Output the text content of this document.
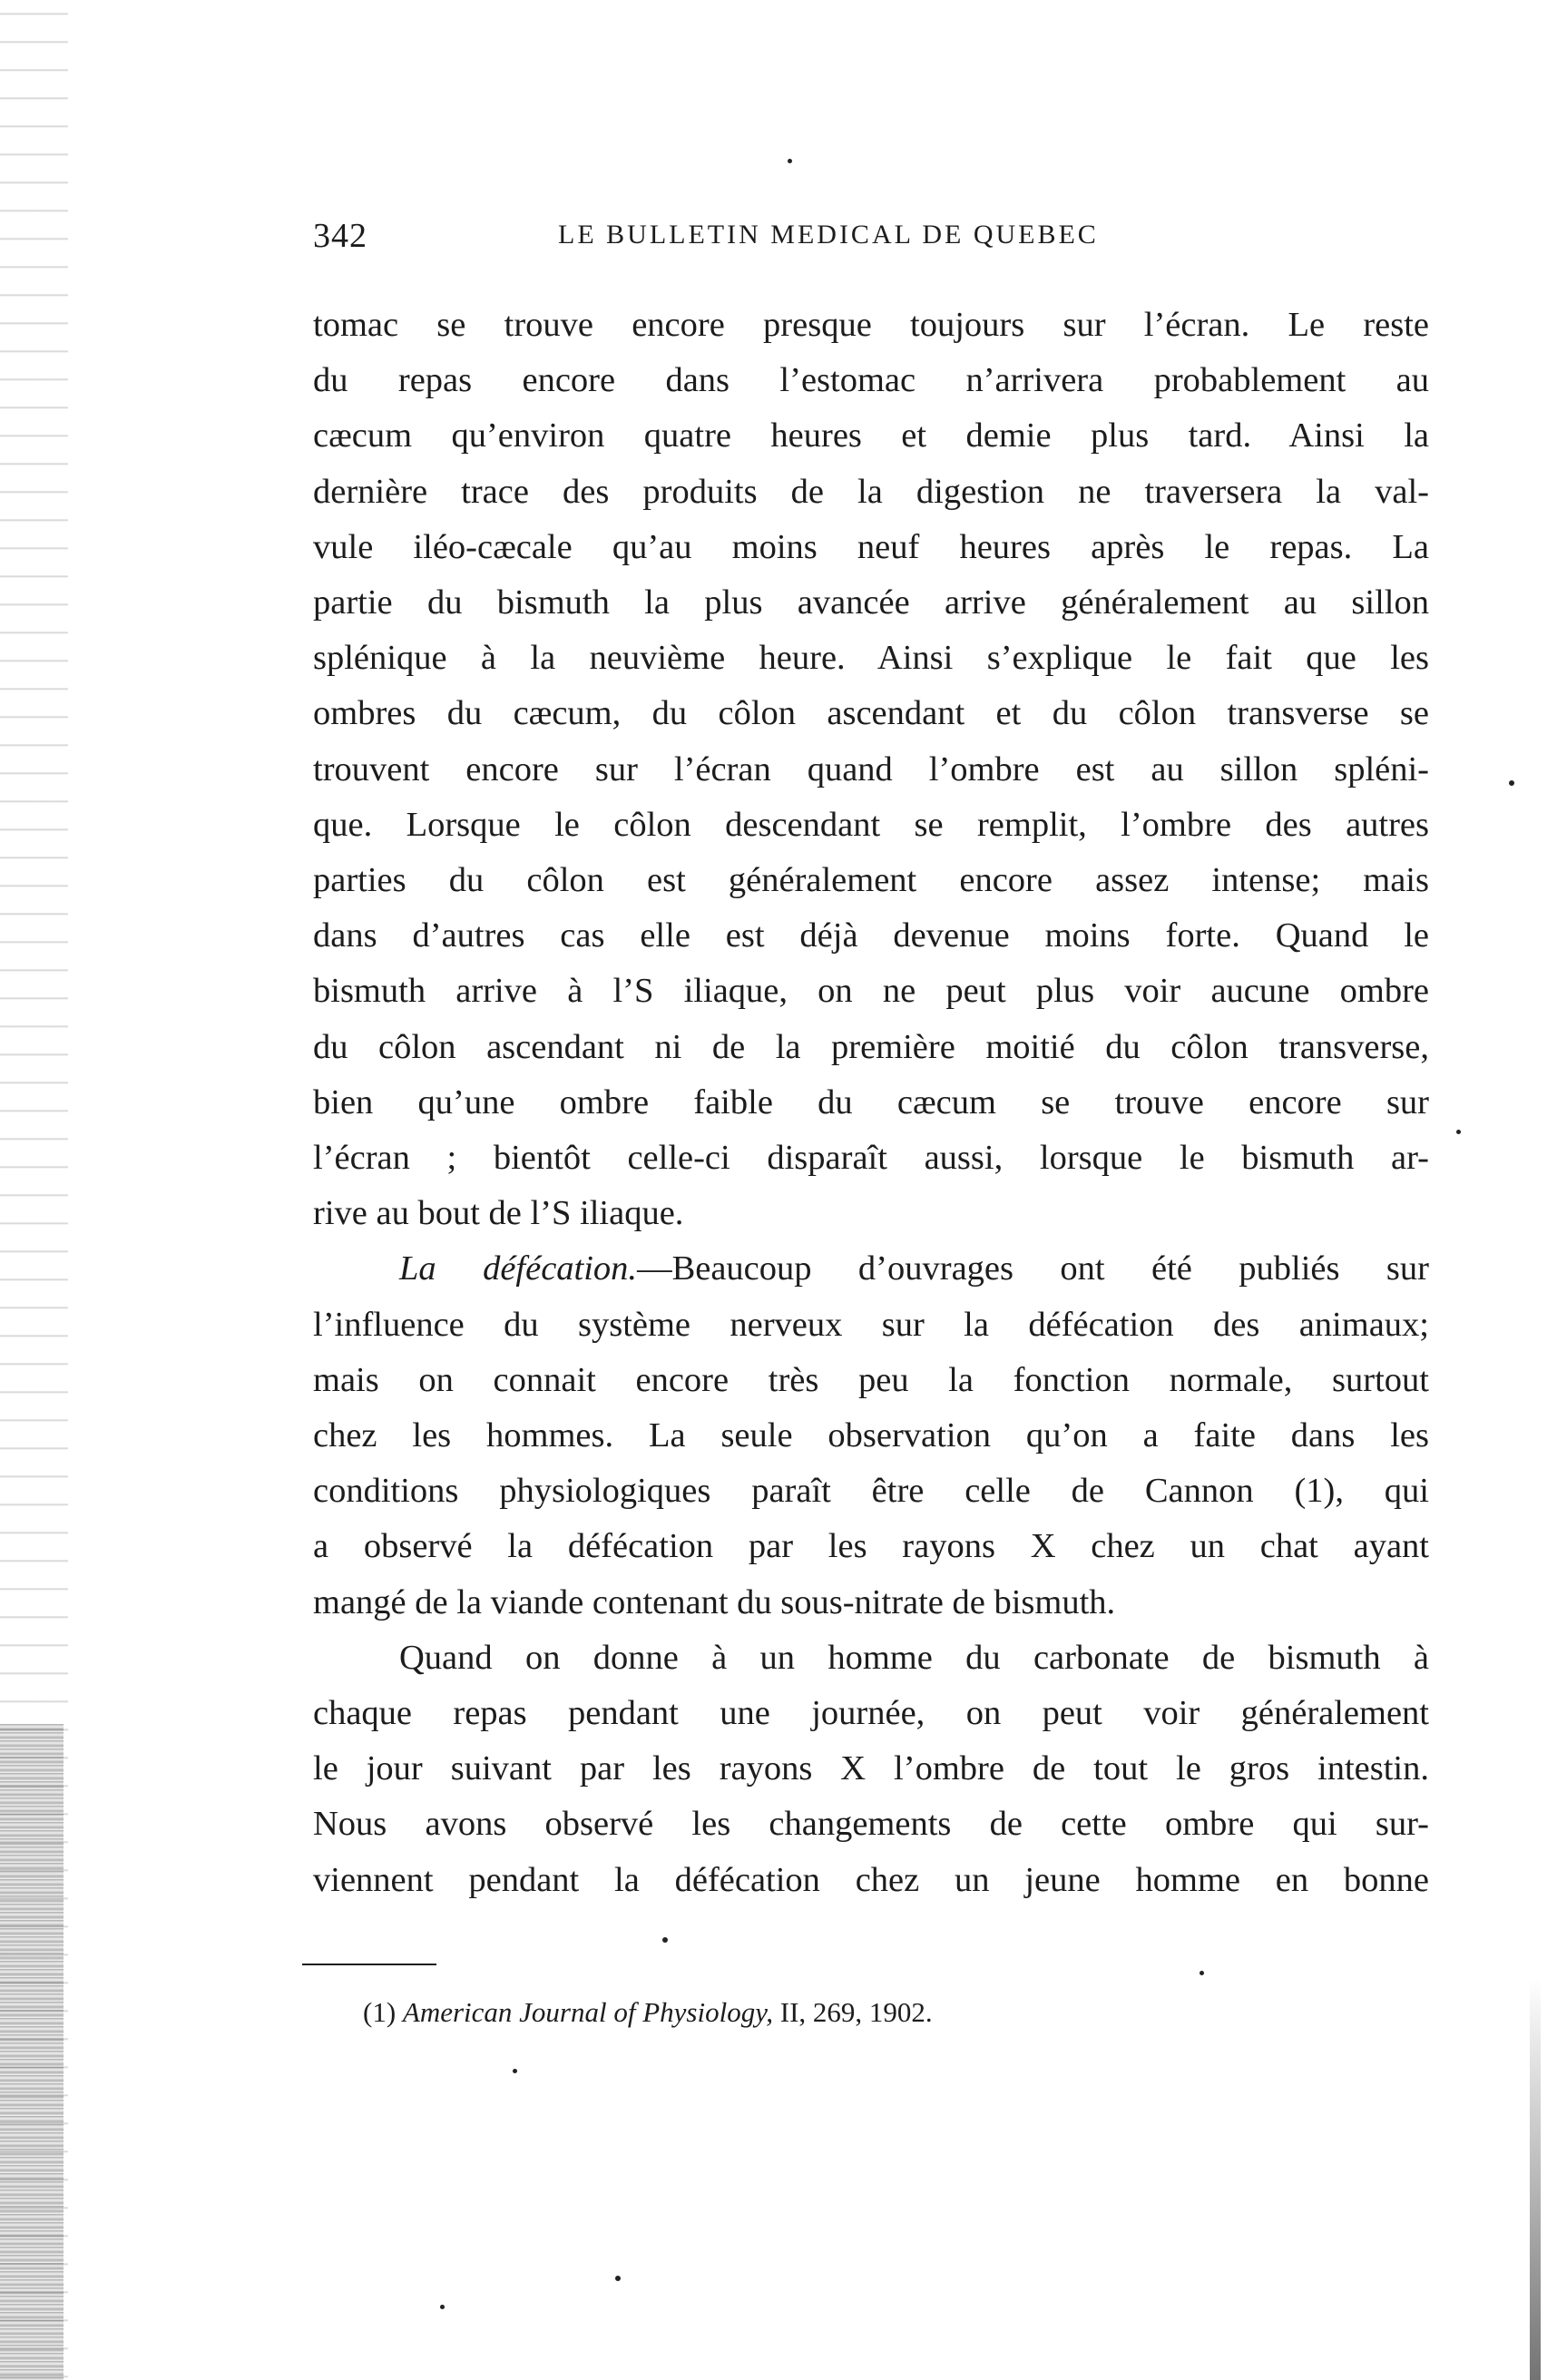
342	LE BULLETIN MEDICAL DE QUEBEC

tomac se trouve encore presque toujours sur l’écran. Le reste
du repas encore dans l’estomac n’arrivera probablement au
cæcum qu’environ quatre heures et demie plus tard. Ainsi la
dernière trace des produits de la digestion ne traversera la val-
vule iléo-cæcale qu’au moins neuf heures après le repas. La
partie du bismuth la plus avancée arrive généralement au sillon
splénique à la neuvième heure. Ainsi s’explique le fait que les
ombres du cæcum, du côlon ascendant et du côlon transverse se
trouvent encore sur l’écran quand l’ombre est au sillon spléni-
que. Lorsque le côlon descendant se remplit, l’ombre des autres
parties du côlon est généralement encore assez intense; mais
dans d’autres cas elle est déjà devenue moins forte. Quand le
bismuth arrive à l’S iliaque, on ne peut plus voir aucune ombre
du côlon ascendant ni de la première moitié du côlon transverse,
bien qu’une ombre faible du cæcum se trouve encore sur
l’écran ; bientôt celle-ci disparaît aussi, lorsque le bismuth ar-
rive au bout de l’S iliaque.

La défécation.—Beaucoup d’ouvrages ont été publiés sur
l’influence du système nerveux sur la défécation des animaux;
mais on connait encore très peu la fonction normale, surtout
chez les hommes. La seule observation qu’on a faite dans les
conditions physiologiques paraît être celle de Cannon (1), qui
a observé la défécation par les rayons X chez un chat ayant
mangé de la viande contenant du sous-nitrate de bismuth.

Quand on donne à un homme du carbonate de bismuth à
chaque repas pendant une journée, on peut voir généralement
le jour suivant par les rayons X l’ombre de tout le gros intestin.
Nous avons observé les changements de cette ombre qui sur-
viennent pendant la défécation chez un jeune homme en bonne

(1) American Journal of Physiology, II, 269, 1902.
